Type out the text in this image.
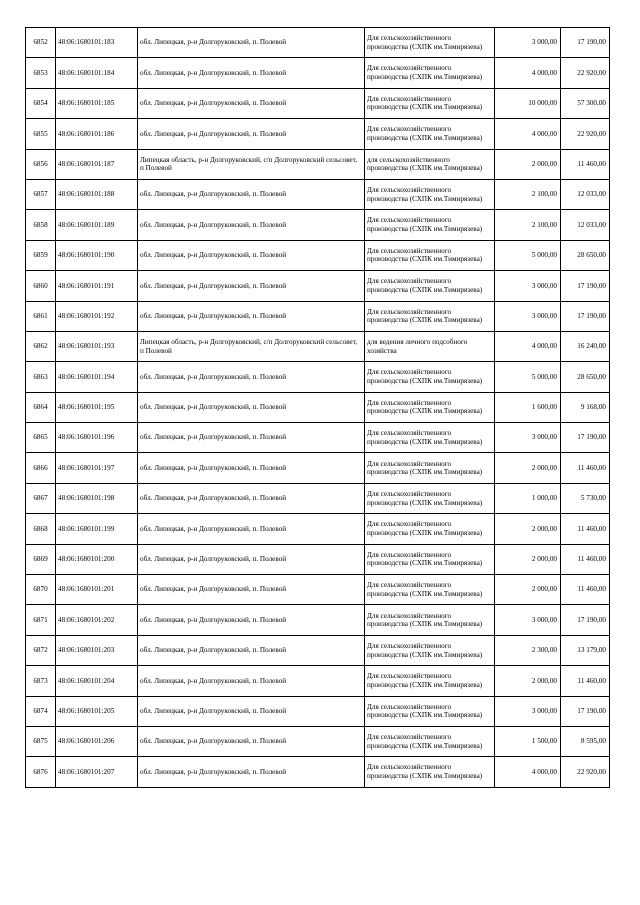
6852	48:06:1680101:183	обл. Липецкая, р-н Долгоруковский, п. Полевой	Для сельскохозяйственного производства (СХПК им.Тимирязева)	3 000,00	17 190,00
6853	48:06:1680101:184	обл. Липецкая, р-н Долгоруковский, п. Полевой	Для сельскохозяйственного производства (СХПК им.Тимирязева)	4 000,00	22 920,00
6854	48:06:1680101:185	обл. Липецкая, р-н Долгоруковский, п. Полевой	Для сельскохозяйственного производства (СХПК им.Тимирязева)	10 000,00	57 300,00
6855	48:06:1680101:186	обл. Липецкая, р-н Долгоруковский, п. Полевой	Для сельскохозяйственного производства (СХПК им.Тимирязева)	4 000,00	22 920,00
6856	48:06:1680101:187	Липецкая область, р-н Долгоруковский, с/п Долгоруковский сельсовет, п Полевой	для сельскохозяйственного производства (СХПК им.Тимирязева)	2 000,00	11 460,00
6857	48:06:1680101:188	обл. Липецкая, р-н Долгоруковский, п. Полевой	Для сельскохозяйственного производства (СХПК им.Тимирязева)	2 100,00	12 033,00
6858	48:06:1680101:189	обл. Липецкая, р-н Долгоруковский, п. Полевой	Для сельскохозяйственного производства (СХПК им.Тимирязева)	2 100,00	12 033,00
6859	48:06:1680101:190	обл. Липецкая, р-н Долгоруковский, п. Полевой	Для сельскохозяйственного производства (СХПК им.Тимирязева)	5 000,00	28 650,00
6860	48:06:1680101:191	обл. Липецкая, р-н Долгоруковский, п. Полевой	Для сельскохозяйственного производства (СХПК им.Тимирязева)	3 000,00	17 190,00
6861	48:06:1680101:192	обл. Липецкая, р-н Долгоруковский, п. Полевой	Для сельскохозяйственного производства (СХПК им.Тимирязева)	3 000,00	17 190,00
6862	48:06:1680101:193	Липецкая область, р-н Долгоруковский, с/п Долгоруковский сельсовет, п Полевой	для ведения личного подсобного хозяйства	4 000,00	16 240,00
6863	48:06:1680101:194	обл. Липецкая, р-н Долгоруковский, п. Полевой	Для сельскохозяйственного производства (СХПК им.Тимирязева)	5 000,00	28 650,00
6864	48:06:1680101:195	обл. Липецкая, р-н Долгоруковский, п. Полевой	Для сельскохозяйственного производства (СХПК им.Тимирязева)	1 600,00	9 168,00
6865	48:06:1680101:196	обл. Липецкая, р-н Долгоруковский, п. Полевой	Для сельскохозяйственного производства (СХПК им.Тимирязева)	3 000,00	17 190,00
6866	48:06:1680101:197	обл. Липецкая, р-н Долгоруковский, п. Полевой	Для сельскохозяйственного производства (СХПК им.Тимирязева)	2 000,00	11 460,00
6867	48:06:1680101:198	обл. Липецкая, р-н Долгоруковский, п. Полевой	Для сельскохозяйственного производства (СХПК им.Тимирязева)	1 000,00	5 730,00
6868	48:06:1680101:199	обл. Липецкая, р-н Долгоруковский, п. Полевой	Для сельскохозяйственного производства (СХПК им.Тимирязева)	2 000,00	11 460,00
6869	48:06:1680101:200	обл. Липецкая, р-н Долгоруковский, п. Полевой	Для сельскохозяйственного производства (СХПК им.Тимирязева)	2 000,00	11 460,00
6870	48:06:1680101:201	обл. Липецкая, р-н Долгоруковский, п. Полевой	Для сельскохозяйственного производства (СХПК им.Тимирязева)	2 000,00	11 460,00
6871	48:06:1680101:202	обл. Липецкая, р-н Долгоруковский, п. Полевой	Для сельскохозяйственного производства (СХПК им.Тимирязева)	3 000,00	17 190,00
6872	48:06:1680101:203	обл. Липецкая, р-н Долгоруковский, п. Полевой	Для сельскохозяйственного производства (СХПК им.Тимирязева)	2 300,00	13 179,00
6873	48:06:1680101:204	обл. Липецкая, р-н Долгоруковский, п. Полевой	Для сельскохозяйственного производства (СХПК им.Тимирязева)	2 000,00	11 460,00
6874	48:06:1680101:205	обл. Липецкая, р-н Долгоруковский, п. Полевой	Для сельскохозяйственного производства (СХПК им.Тимирязева)	3 000,00	17 190,00
6875	48:06:1680101:206	обл. Липецкая, р-н Долгоруковский, п. Полевой	Для сельскохозяйственного производства (СХПК им.Тимирязева)	1 500,00	8 595,00
6876	48:06:1680101:207	обл. Липецкая, р-н Долгоруковский, п. Полевой	Для сельскохозяйственного производства (СХПК им.Тимирязева)	4 000,00	22 920,00
